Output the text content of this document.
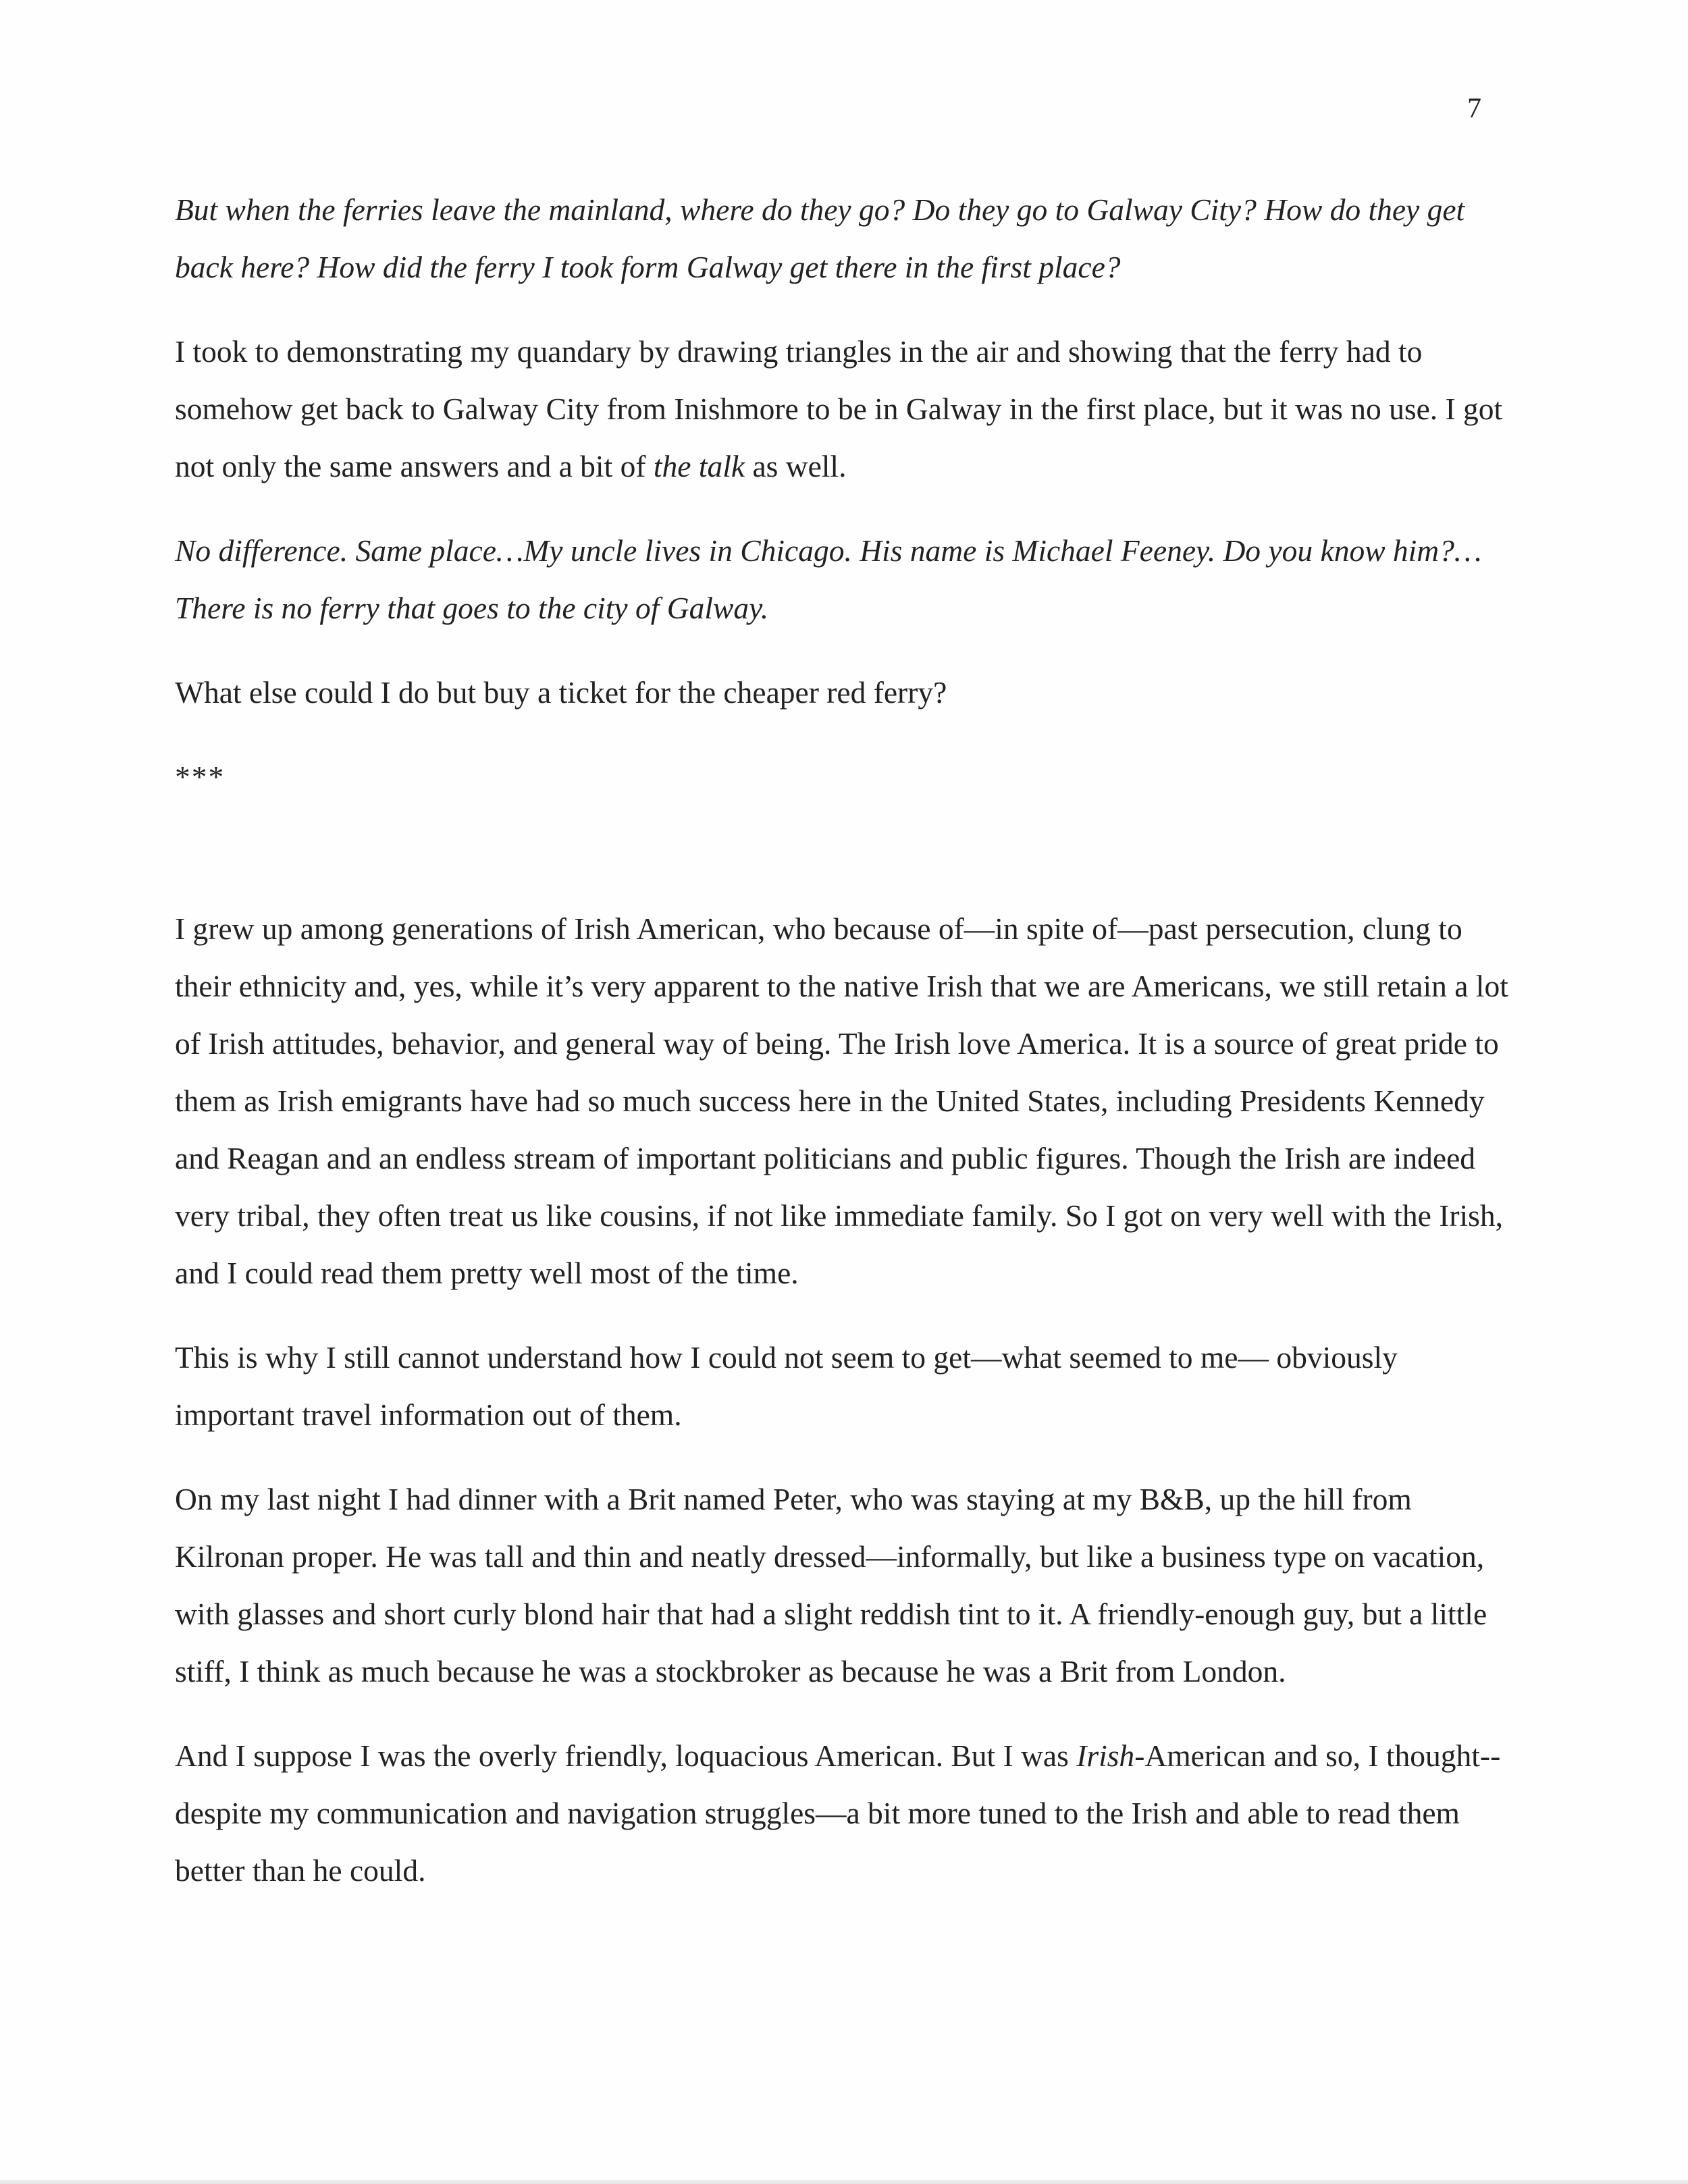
7

But when the ferries leave the mainland, where do they go? Do they go to Galway City? How do they get back here? How did the ferry I took form Galway get there in the first place?

I took to demonstrating my quandary by drawing triangles in the air and showing that the ferry had to somehow get back to Galway City from Inishmore to be in Galway in the first place, but it was no use. I got not only the same answers and a bit of the talk as well.

No difference. Same place…My uncle lives in Chicago. His name is Michael Feeney. Do you know him?…There is no ferry that goes to the city of Galway.

What else could I do but buy a ticket for the cheaper red ferry?

***

I grew up among generations of Irish American, who because of—in spite of—past persecution, clung to their ethnicity and, yes, while it’s very apparent to the native Irish that we are Americans, we still retain a lot of Irish attitudes, behavior, and general way of being. The Irish love America. It is a source of great pride to them as Irish emigrants have had so much success here in the United States, including Presidents Kennedy and Reagan and an endless stream of important politicians and public figures. Though the Irish are indeed very tribal, they often treat us like cousins, if not like immediate family. So I got on very well with the Irish, and I could read them pretty well most of the time.

This is why I still cannot understand how I could not seem to get—what seemed to me— obviously important travel information out of them.

On my last night I had dinner with a Brit named Peter, who was staying at my B&B, up the hill from Kilronan proper. He was tall and thin and neatly dressed—informally, but like a business type on vacation, with glasses and short curly blond hair that had a slight reddish tint to it. A friendly-enough guy, but a little stiff, I think as much because he was a stockbroker as because he was a Brit from London.

And I suppose I was the overly friendly, loquacious American. But I was Irish-American and so, I thought--despite my communication and navigation struggles—a bit more tuned to the Irish and able to read them better than he could.
